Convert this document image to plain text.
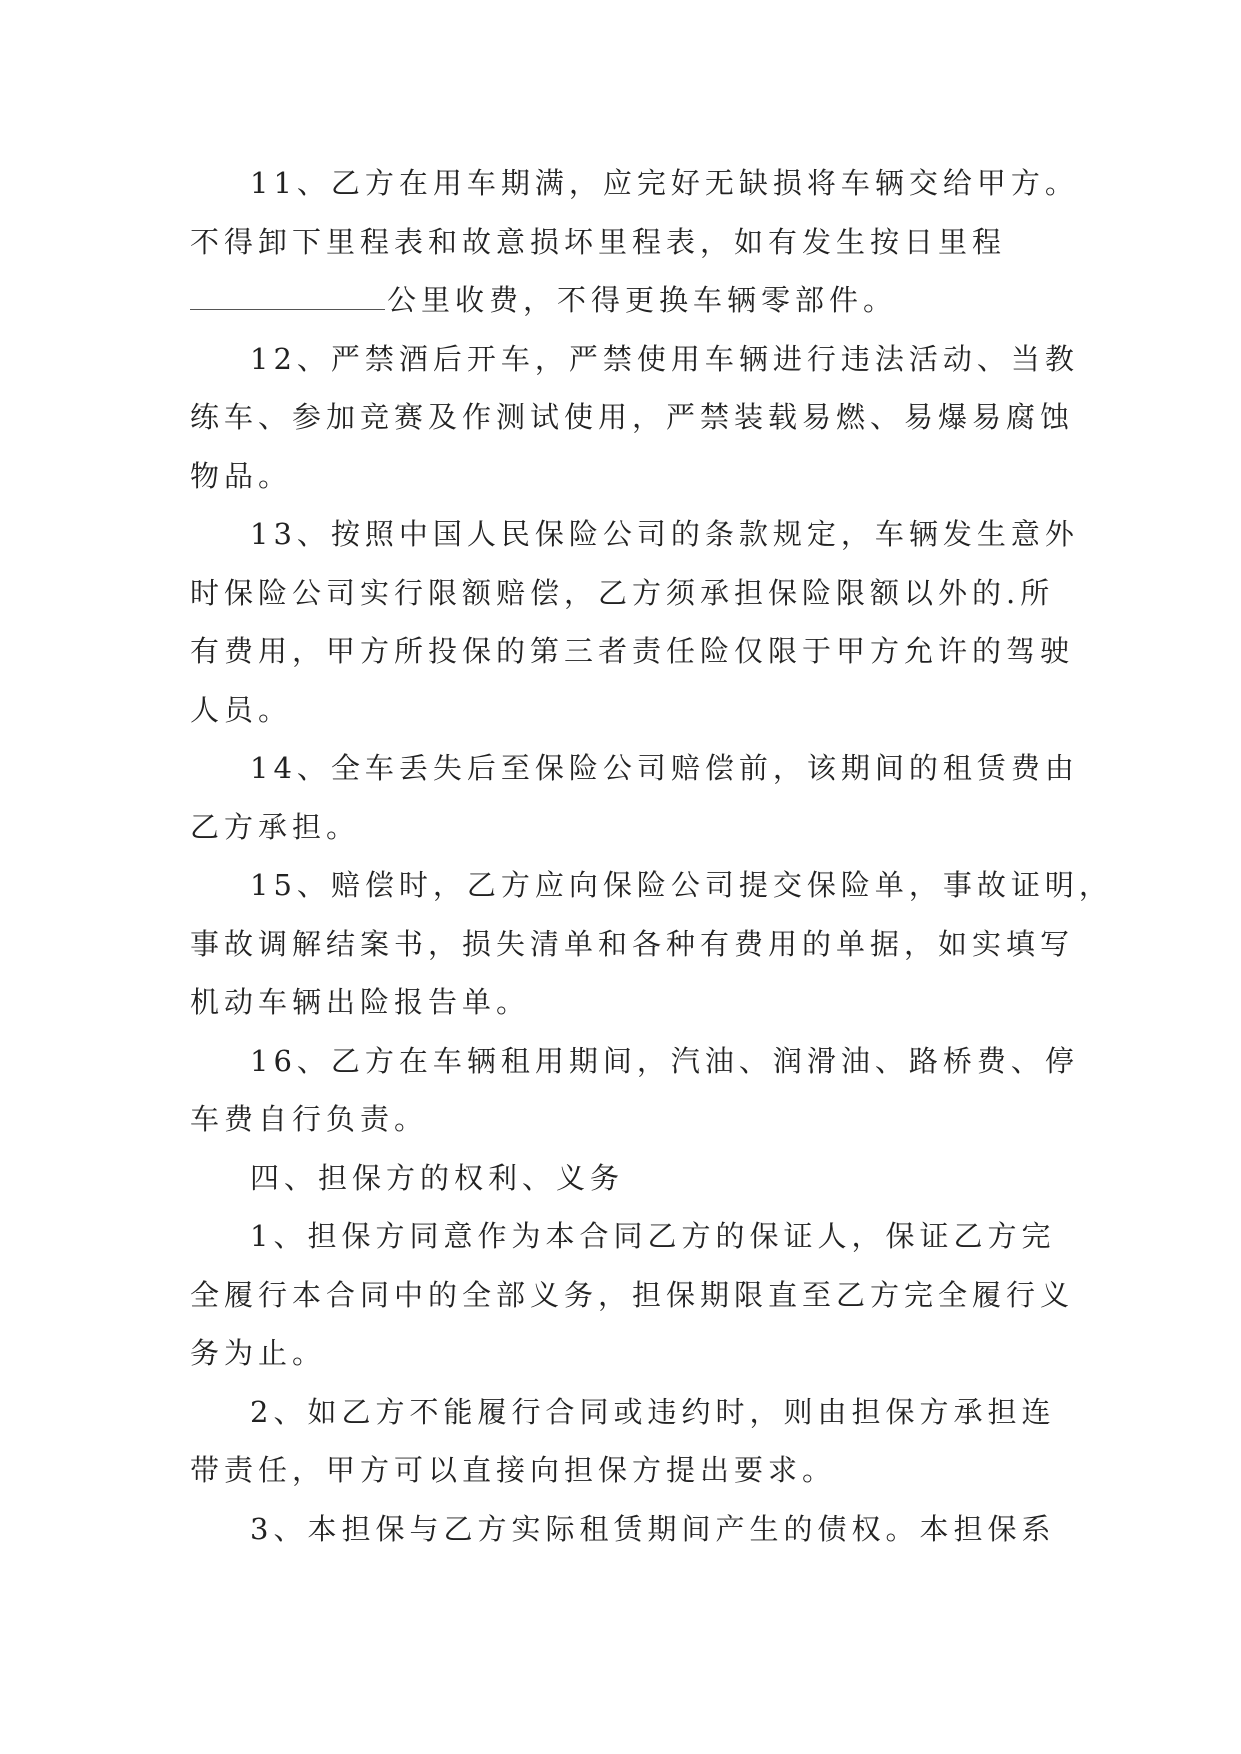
11、乙方在用车期满，应完好无缺损将车辆交给甲方。
不得卸下里程表和故意损坏里程表，如有发生按日里程
公里收费，不得更换车辆零部件。
12、严禁酒后开车，严禁使用车辆进行违法活动、当教
练车、参加竞赛及作测试使用，严禁装载易燃、易爆易腐蚀
物品。
13、按照中国人民保险公司的条款规定，车辆发生意外
时保险公司实行限额赔偿，乙方须承担保险限额以外的.所
有费用，甲方所投保的第三者责任险仅限于甲方允许的驾驶
人员。
14、全车丢失后至保险公司赔偿前，该期间的租赁费由
乙方承担。
15、赔偿时，乙方应向保险公司提交保险单，事故证明，
事故调解结案书，损失清单和各种有费用的单据，如实填写
机动车辆出险报告单。
16、乙方在车辆租用期间，汽油、润滑油、路桥费、停
车费自行负责。
四、担保方的权利、义务
1、担保方同意作为本合同乙方的保证人，保证乙方完
全履行本合同中的全部义务，担保期限直至乙方完全履行义
务为止。
2、如乙方不能履行合同或违约时，则由担保方承担连
带责任，甲方可以直接向担保方提出要求。
3、本担保与乙方实际租赁期间产生的债权。本担保系
